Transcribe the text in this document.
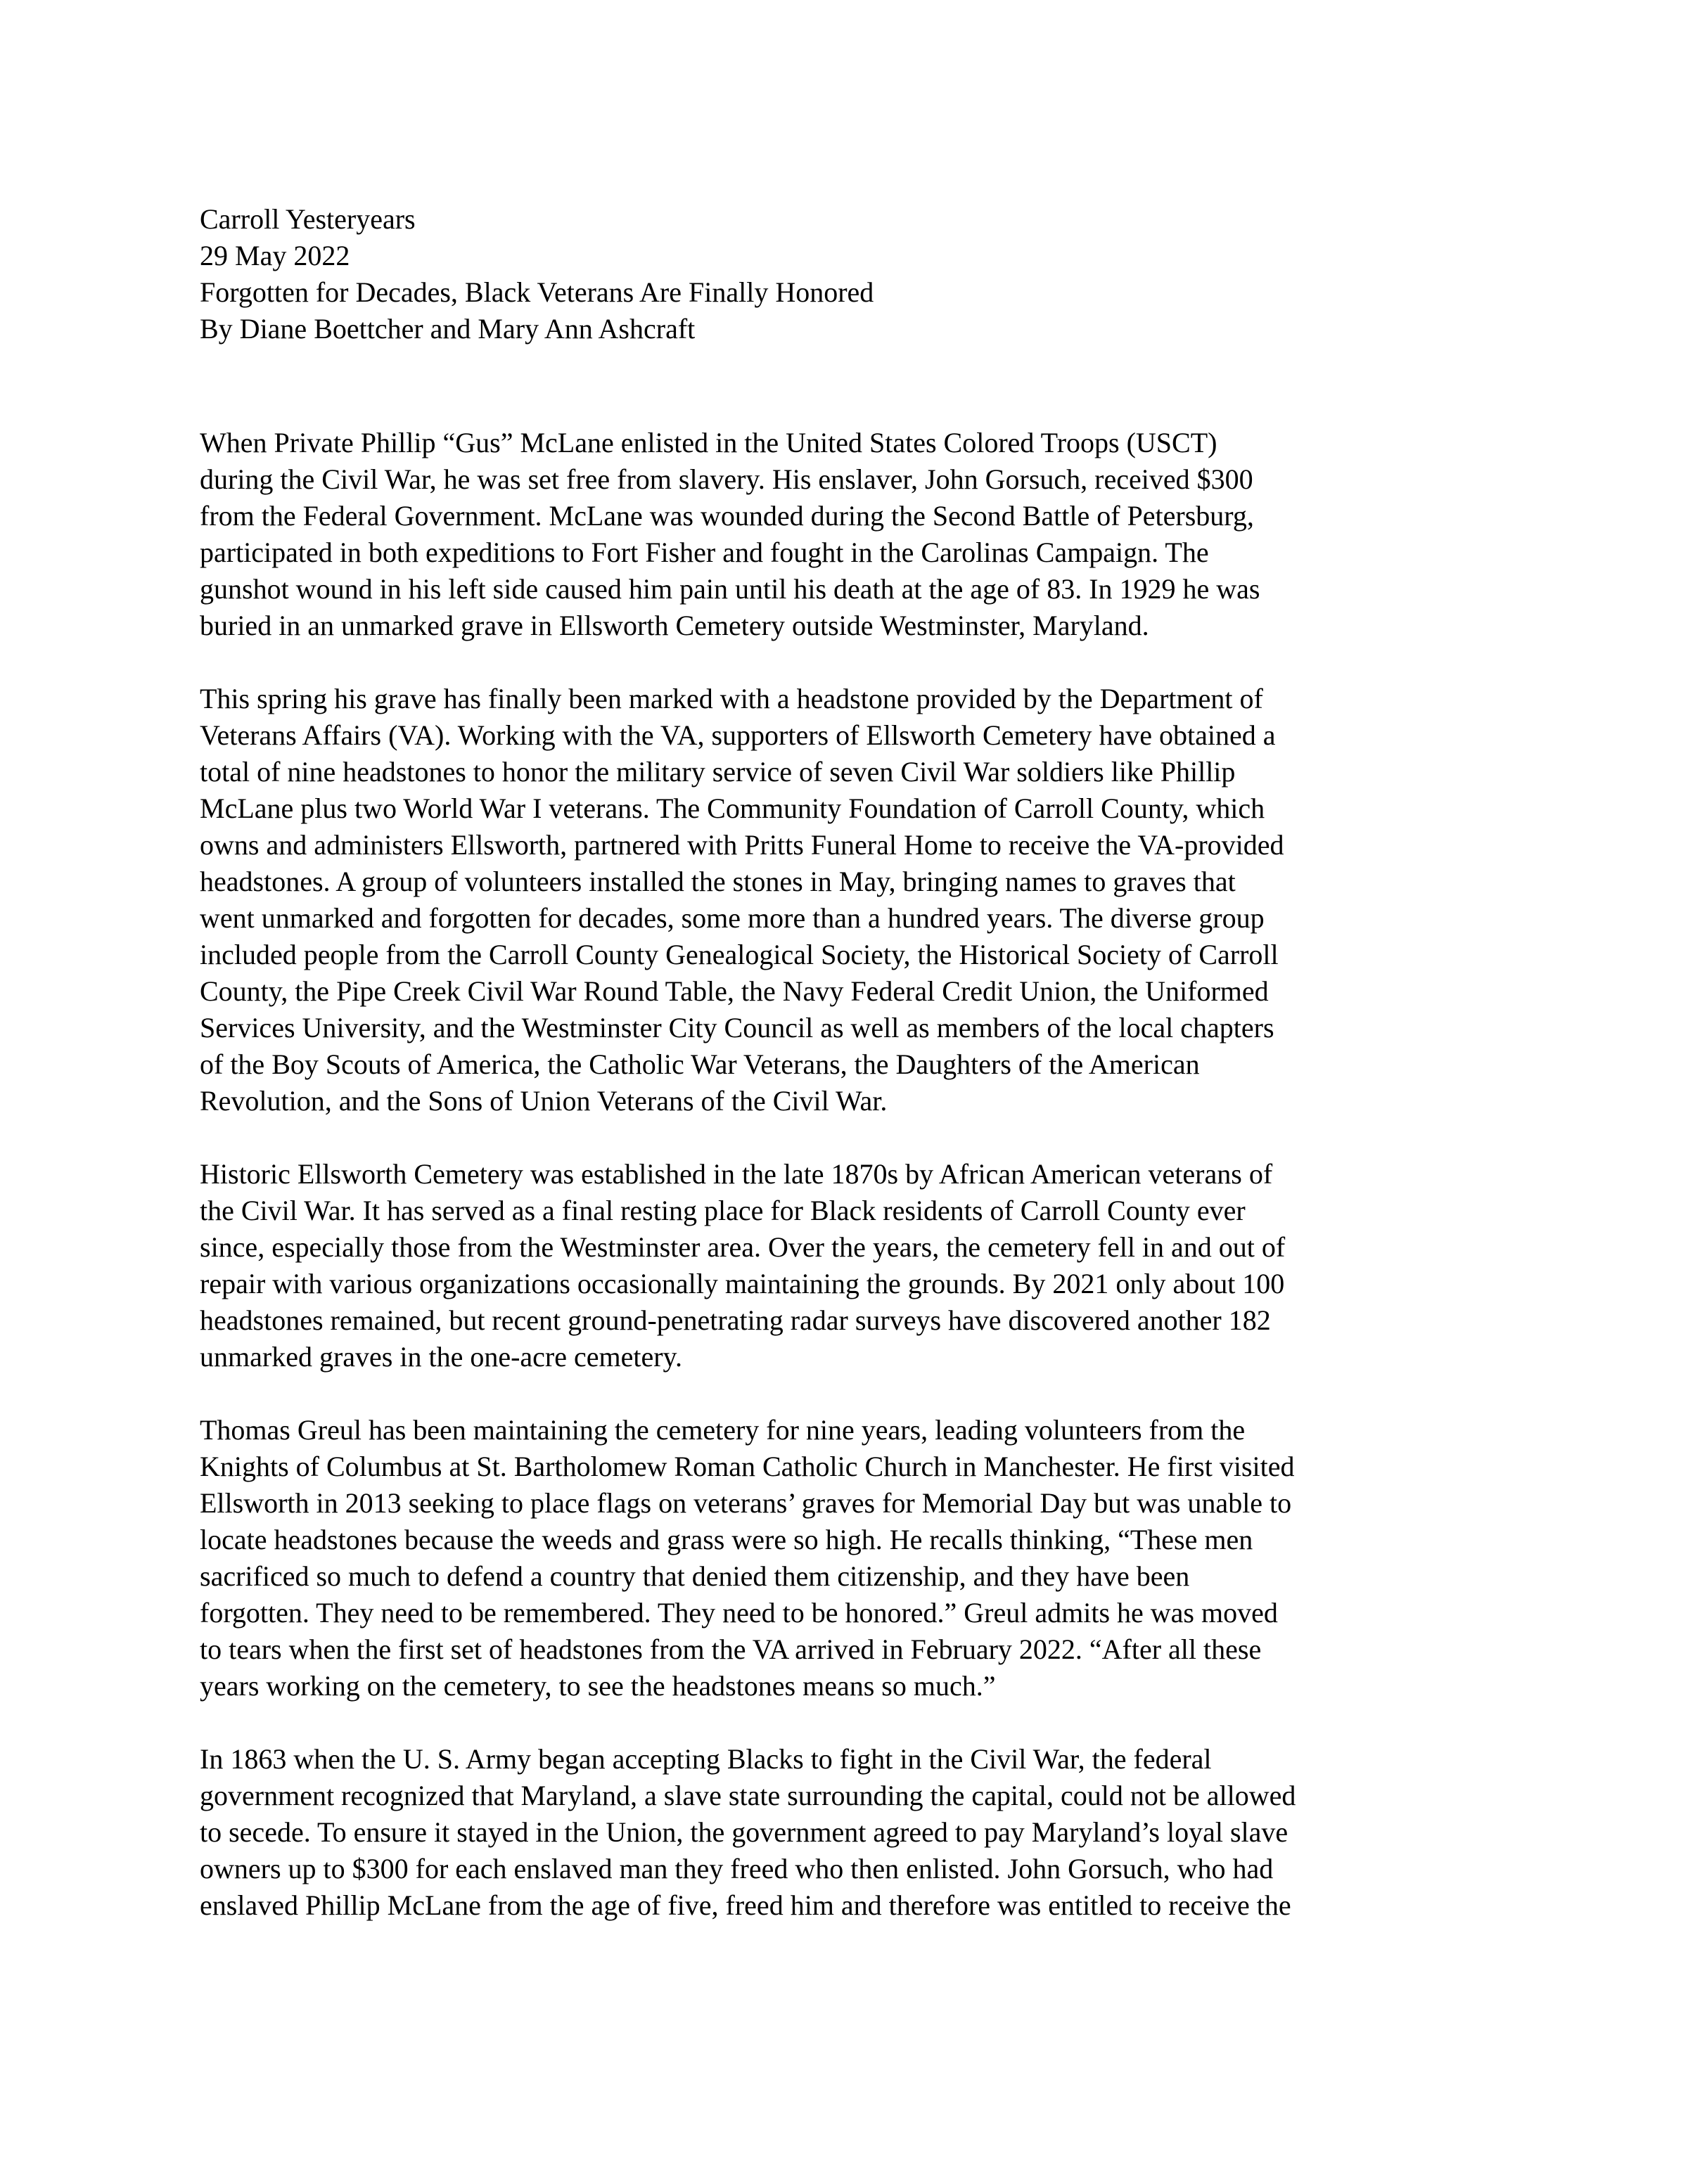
Carroll Yesteryears

29 May 2022

Forgotten for Decades, Black Veterans Are Finally Honored

By Diane Boettcher and Mary Ann Ashcraft

When Private Phillip “Gus” McLane enlisted in the United States Colored Troops (USCT)
during the Civil War, he was set free from slavery. His enslaver, John Gorsuch, received $300
from the Federal Government. McLane was wounded during the Second Battle of Petersburg,
participated in both expeditions to Fort Fisher and fought in the Carolinas Campaign. The
gunshot wound in his left side caused him pain until his death at the age of 83. In 1929 he was
buried in an unmarked grave in Ellsworth Cemetery outside Westminster, Maryland.

This spring his grave has finally been marked with a headstone provided by the Department of
Veterans Affairs (VA). Working with the VA, supporters of Ellsworth Cemetery have obtained a
total of nine headstones to honor the military service of seven Civil War soldiers like Phillip
McLane plus two World War I veterans. The Community Foundation of Carroll County, which
owns and administers Ellsworth, partnered with Pritts Funeral Home to receive the VA-provided
headstones. A group of volunteers installed the stones in May, bringing names to graves that
went unmarked and forgotten for decades, some more than a hundred years. The diverse group
included people from the Carroll County Genealogical Society, the Historical Society of Carroll
County, the Pipe Creek Civil War Round Table, the Navy Federal Credit Union, the Uniformed
Services University, and the Westminster City Council as well as members of the local chapters
of the Boy Scouts of America, the Catholic War Veterans, the Daughters of the American
Revolution, and the Sons of Union Veterans of the Civil War.

Historic Ellsworth Cemetery was established in the late 1870s by African American veterans of
the Civil War. It has served as a final resting place for Black residents of Carroll County ever
since, especially those from the Westminster area. Over the years, the cemetery fell in and out of
repair with various organizations occasionally maintaining the grounds. By 2021 only about 100
headstones remained, but recent ground-penetrating radar surveys have discovered another 182
unmarked graves in the one-acre cemetery.

Thomas Greul has been maintaining the cemetery for nine years, leading volunteers from the
Knights of Columbus at St. Bartholomew Roman Catholic Church in Manchester. He first visited
Ellsworth in 2013 seeking to place flags on veterans’ graves for Memorial Day but was unable to
locate headstones because the weeds and grass were so high. He recalls thinking, “These men
sacrificed so much to defend a country that denied them citizenship, and they have been
forgotten. They need to be remembered. They need to be honored.” Greul admits he was moved
to tears when the first set of headstones from the VA arrived in February 2022. “After all these
years working on the cemetery, to see the headstones means so much.”

In 1863 when the U. S. Army began accepting Blacks to fight in the Civil War, the federal
government recognized that Maryland, a slave state surrounding the capital, could not be allowed
to secede. To ensure it stayed in the Union, the government agreed to pay Maryland’s loyal slave
owners up to $300 for each enslaved man they freed who then enlisted. John Gorsuch, who had
enslaved Phillip McLane from the age of five, freed him and therefore was entitled to receive the
